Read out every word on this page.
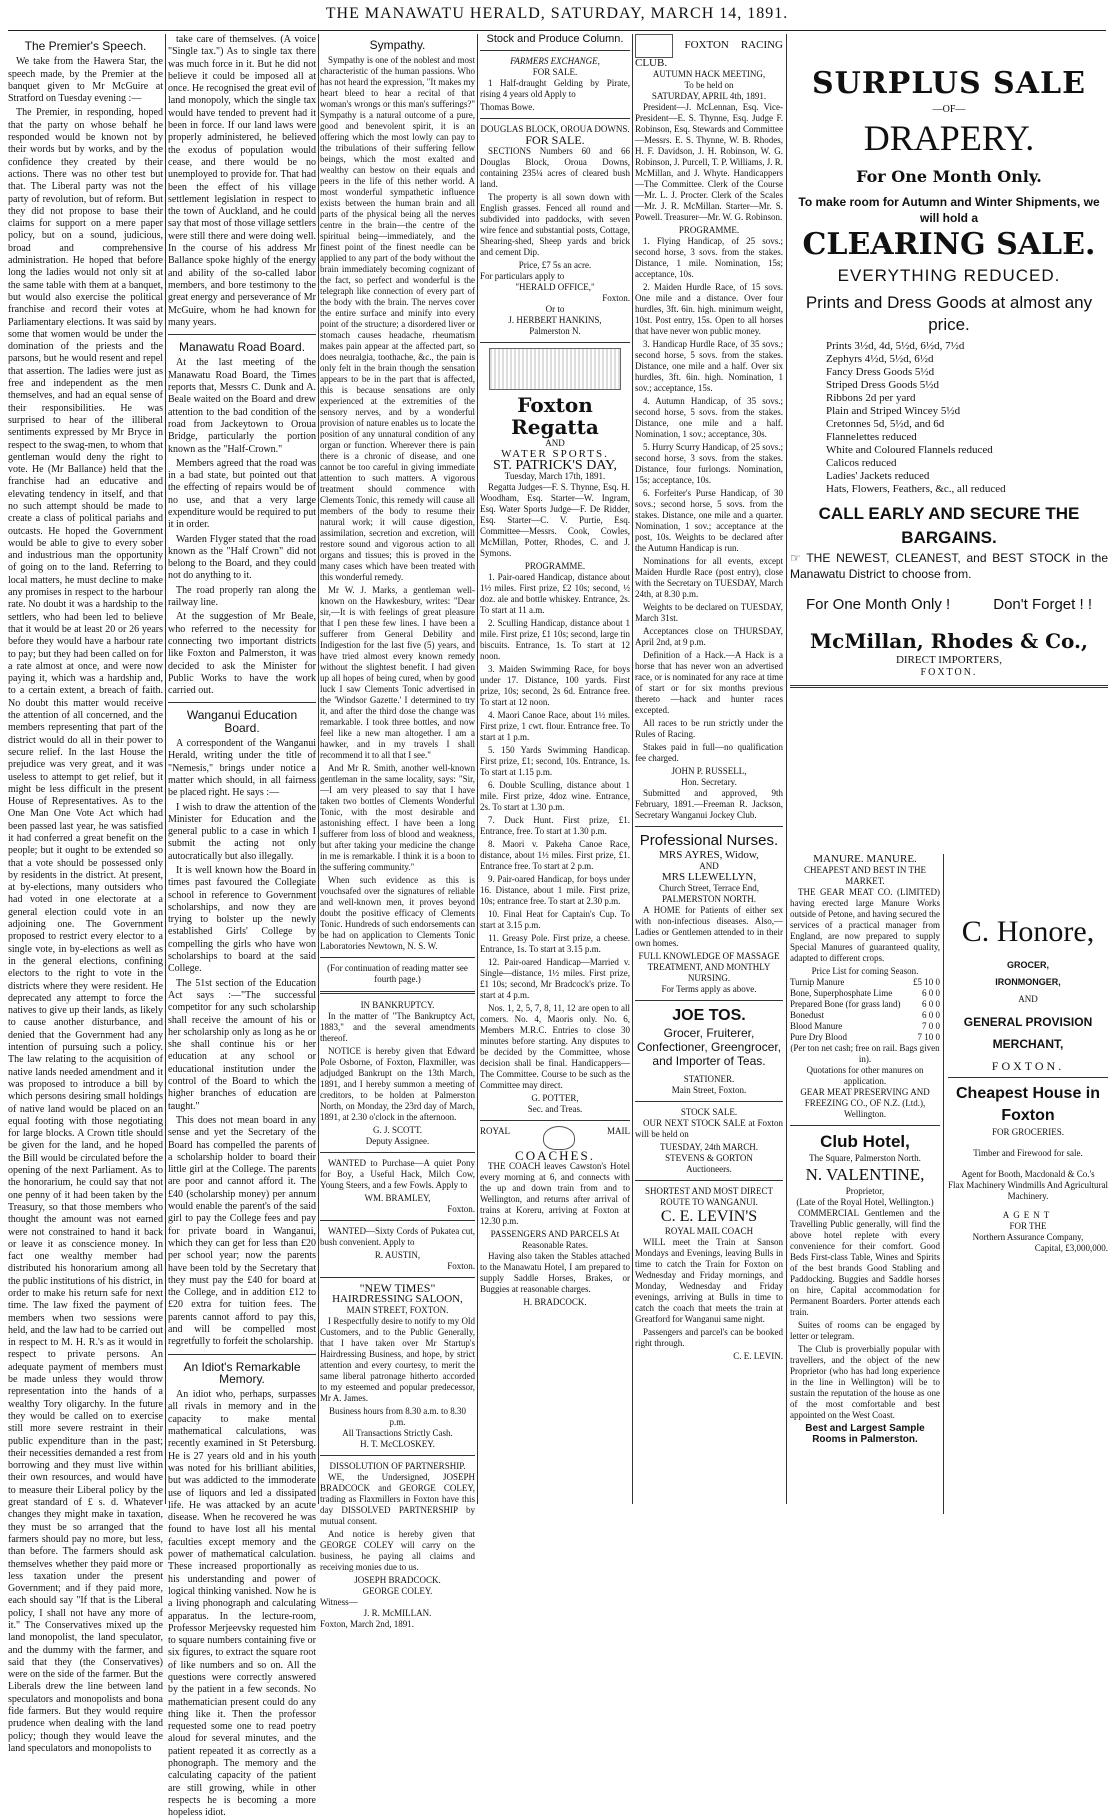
THE MANAWATU HERALD, SATURDAY, MARCH 14, 1891.
The Premier's Speech.

We take from the Hawera Star, the speech made, by the Premier at the banquet given to Mr McGuire at Stratford on Tuesday evening :—

The Premier, in responding, hoped that the party on whose behalf he responded would be known not by their words but by works, and by the confidence they created by their actions. There was no other test but that. The Liberal party was not the party of revolution, but of reform. But they did not propose to base their claims for support on a mere paper policy, but on a sound, judicious, broad and comprehensive administration. He hoped that before long the ladies would not only sit at the same table with them at a banquet, but would also exercise the political franchise and record their votes at Parliamentary elections. It was said by some that women would be under the domination of the priests and the parsons, but he would resent and repel that assertion. The ladies were just as free and independent as the men themselves, and had an equal sense of their responsibilities. He was surprised to hear of the illiberal sentiments expressed by Mr Bryce in respect to the swag-men, to whom that gentleman would deny the right to vote. He (Mr Ballance) held that the franchise had an educative and elevating tendency in itself, and that no such attempt should be made to create a class of political pariahs and outcasts. He hoped the Government would be able to give to every sober and industrious man the opportunity of going on to the land. Referring to local matters, he must decline to make any promises in respect to the harbour rate. No doubt it was a hardship to the settlers, who had been led to believe that it would be at least 20 or 26 years before they would have a harbour rate to pay; but they had been called on for a rate almost at once, and were now paying it, which was a hardship and, to a certain extent, a breach of faith. No doubt this matter would receive the attention of all concerned, and the members representing that part of the district would do all in their power to secure relief. In the last House the prejudice was very great, and it was useless to attempt to get relief, but it might be less difficult in the present House of Representatives. As to the One Man One Vote Act which had been passed last year, he was satisfied it had conferred a great benefit on the people; but it ought to be extended so that a vote should be possessed only by residents in the district. At present, at by-elections, many outsiders who had voted in one electorate at a general election could vote in an adjoining one. The Government proposed to restrict every elector to a single vote, in by-elections as well as in the general elections, confining electors to the right to vote in the districts where they were resident. He deprecated any attempt to force the natives to give up their lands, as likely to cause another disturbance, and denied that the Government had any intention of pursuing such a policy. The law relating to the acquisition of native lands needed amendment and it was proposed to introduce a bill by which persons desiring small holdings of native land would be placed on an equal footing with those negotiating for large blocks. A Crown title should be given for the land, and he hoped the Bill would be circulated before the opening of the next Parliament. As to the honorarium, he could say that not one penny of it had been taken by the Treasury, so that those members who thought the amount was not earned were not constrained to hand it back or leave it as conscience money. In fact one wealthy member had distributed his honorarium among all the public institutions of his district, in order to make his return safe for next time. The law fixed the payment of members when two sessions were held, and the law had to be carried out in respect to M. H. R.'s as it would in respect to private persons. An adequate payment of members must be made unless they would throw representation into the hands of a wealthy Tory oligarchy. In the future they would be called on to exercise still more severe restraint in their public expenditure than in the past; their necessities demanded a rest from borrowing and they must live within their own resources, and would have to measure their Liberal policy by the great standard of £ s. d. Whatever changes they might make in taxation, they must be so arranged that the farmers should pay no more, but less, than before. The farmers should ask themselves whether they paid more or less taxation under the present Government; and if they paid more, each should say "If that is the Liberal policy, I shall not have any more of it." The Conservatives mixed up the land monopolist, the land speculator, and the dummy with the farmer, and said that they (the Conservatives) were on the side of the farmer. But the Liberals drew the line between land speculators and monopolists and bona fide farmers. But they would require prudence when dealing with the land policy; though they would leave the land speculators and monopolists to

take care of themselves. (A voice "Single tax.") As to single tax there was much force in it. But he did not believe it could be imposed all at once. He recognised the great evil of land monopoly, which the single tax would have tended to prevent had it been in force. If our land laws were properly administered, he believed the exodus of population would cease, and there would be no unemployed to provide for. That had been the effect of his village settlement legislation in respect to the town of Auckland, and he could say that most of those village settlers were still there and were doing well. In the course of his address Mr Ballance spoke highly of the energy and ability of the so-called labor members, and bore testimony to the great energy and perseverance of Mr McGuire, whom he had known for many years.

Manawatu Road Board.

At the last meeting of the Manawatu Road Board, the Times reports that, Messrs C. Dunk and A. Beale waited on the Board and drew attention to the bad condition of the road from Jackeytown to Oroua Bridge, particularly the portion known as the "Half-Crown."

Members agreed that the road was in a bad state, but pointed out that the effecting of repairs would be of no use, and that a very large expenditure would be required to put it in order.

Warden Flyger stated that the road known as the "Half Crown" did not belong to the Board, and they could not do anything to it.

The road properly ran along the railway line.

At the suggestion of Mr Beale, who referred to the necessity for connecting two important districts like Foxton and Palmerston, it was decided to ask the Minister for Public Works to have the work carried out.

Wanganui Education Board.

A correspondent of the Wanganui Herald, writing under the title of "Nemesis," brings under notice a matter which should, in all fairness be placed right. He says :—

I wish to draw the attention of the Minister for Education and the general public to a case in which I submit the acting not only autocratically but also illegally.

It is well known how the Board in times past favoured the Collegiate school in reference to Government scholarships, and now they are trying to bolster up the newly established Girls' College by compelling the girls who have won scholarships to board at the said College.

The 51st section of the Education Act says :—"The successful competitor for any such scholarship shall receive the amount of his or her scholarship only as long as he or she shall continue his or her education at any school or educational institution under the control of the Board to which the higher branches of education are taught."

This does not mean board in any sense and yet the Secretary of the Board has compelled the parents of a scholarship holder to board their little girl at the College. The parents are poor and cannot afford it. The £40 (scholarship money) per annum would enable the parent's of the said girl to pay the College fees and pay for private board in Wanganui, which they can get for less than £20 per school year; now the parents have been told by the Secretary that they must pay the £40 for board at the College, and in addition £12 to £20 extra for tuition fees. The parents cannot afford to pay this, and will be compelled most regretfully to forfeit the scholarship.

An Idiot's Remarkable Memory.

An idiot who, perhaps, surpasses all rivals in memory and in the capacity to make mental mathematical calculations, was recently examined in St Petersburg. He is 27 years old and in his youth was noted for his brilliant abilities, but was addicted to the immoderate use of liquors and led a dissipated life. He was attacked by an acute disease. When he recovered he was found to have lost all his mental faculties except memory and the power of mathematical calculation. These increased proportionally as his understanding and power of logical thinking vanished. Now he is a living phonograph and calculating apparatus. In the lecture-room, Professor Merjeevsky requested him to square numbers containing five or six figures, to extract the square root of like numbers and so on. All the questions were correctly answered by the patient in a few seconds. No mathematician present could do any thing like it. Then the professor requested some one to read poetry aloud for several minutes, and the patient repeated it as correctly as a phonograph. The memory and the calculating capacity of the patient are still growing, while in other respects he is becoming a more hopeless idiot.

Sympathy.

Sympathy is one of the noblest and most characteristic of the human passions. Who has not heard the expression, "It makes my heart bleed to hear a recital of that woman's wrongs or this man's sufferings?" Sympathy is a natural outcome of a pure, good and benevolent spirit, it is an offering which the most lowly can pay to the tribulations of their suffering fellow beings, which the most exalted and wealthy can bestow on their equals and peers in the life of this nether world. A most wonderful sympathetic influence exists between the human brain and all parts of the physical being all the nerves centre in the brain—the centre of the spiritual being—immediately, and the finest point of the finest needle can be applied to any part of the body without the brain immediately becoming cognizant of the fact, so perfect and wonderful is the telegraph like connection of every part of the body with the brain. The nerves cover the entire surface and minify into every point of the structure; a disordered liver or stomach causes headache, rheumatism makes pain appear at the affected part, so does neuralgia, toothache, &c., the pain is only felt in the brain though the sensation appears to be in the part that is affected, this is because sensations are only experienced at the extremities of the sensory nerves, and by a wonderful provision of nature enables us to locate the position of any unnatural condition of any organ or function. Wherever there is pain there is a chronic of disease, and one cannot be too careful in giving immediate attention to such matters. A vigorous treatment should commence with Clements Tonic, this remedy will cause all members of the body to resume their natural work; it will cause digestion, assimilation, secretion and excretion, will restore sound and vigorous action to all organs and tissues; this is proved in the many cases which have been treated with this wonderful remedy.

Mr W. J. Marks, a gentleman well-known on the Hawkesbury, writes: "Dear sir,—It is with feelings of great pleasure that I pen these few lines. I have been a sufferer from General Debility and Indigestion for the last five (5) years, and have tried almost every known remedy without the slightest benefit. I had given up all hopes of being cured, when by good luck I saw Clements Tonic advertised in the 'Windsor Gazette.' I determined to try it, and after the third dose the change was remarkable. I took three bottles, and now feel like a new man altogether. I am a hawker, and in my travels I shall recommend it to all that I see."

And Mr R. Smith, another well-known gentleman in the same locality, says: "Sir,—I am very pleased to say that I have taken two bottles of Clements Wonderful Tonic, with the most desirable and astonishing effect. I have been a long sufferer from loss of blood and weakness, but after taking your medicine the change in me is remarkable. I think it is a boon to the suffering community."

When such evidence as this is vouchsafed over the signatures of reliable and well-known men, it proves beyond doubt the positive efficacy of Clements Tonic. Hundreds of such endorsements can be had on application to Clements Tonic Laboratories Newtown, N. S. W.

(For continuation of reading matter see fourth page.)
IN BANKRUPTCY.

In the matter of "The Bankruptcy Act, 1883," and the several amendments thereof.

NOTICE is hereby given that Edward Pole Osborne, of Foxton, Flaxmiller, was adjudged Bankrupt on the 13th March, 1891, and I hereby summon a meeting of creditors, to be holden at Palmerston North, on Monday, the 23rd day of March, 1891, at 2.30 o'clock in the afternoon.

G. J. SCOTT.
Deputy Assignee.

WANTED to Purchase—A quiet Pony for Boy, a Useful Hack, Milch Cow, Young Steers, and a few Fowls. Apply to

WM. BRAMLEY,
Foxton.

WANTED—Sixty Cords of Pukatea cut, bush convenient. Apply to

R. AUSTIN,
Foxton.
"NEW TIMES"
HAIRDRESSING SALOON,
MAIN STREET, FOXTON.

I Respectfully desire to notify to my Old Customers, and to the Public Generally, that I have taken over Mr Startup's Hairdressing Business, and hope, by strict attention and every courtesy, to merit the same liberal patronage hitherto accorded to my esteemed and popular predecessor, Mr A. James.

Business hours from 8.30 a.m. to 8.30 p.m.
All Transactions Strictly Cash.
H. T. McCLOSKEY.
DISSOLUTION OF PARTNERSHIP.

WE, the Undersigned, JOSEPH BRADCOCK and GEORGE COLEY, trading as Flaxmillers in Foxton have this day DISSOLVED PARTNERSHIP by mutual consent.

And notice is hereby given that GEORGE COLEY will carry on the business, he paying all claims and receiving monies due to us.

JOSEPH BRADCOCK.
GEORGE COLEY.
Witness—
J. R. McMILLAN.
Foxton, March 2nd, 1891.
Stock and Produce Column.
FARMERS EXCHANGE,
FOR SALE.

1 Half-draught Gelding by Pirate, rising 4 years old Apply to

Thomas Bowe.
DOUGLAS BLOCK, OROUA DOWNS.
FOR SALE.

SECTIONS Numbers 60 and 66 Douglas Block, Oroua Downs, containing 235¼ acres of cleared bush land.

The property is all sown down with English grasses. Fenced all round and subdivided into paddocks, with seven wire fence and substantial posts, Cottage, Shearing-shed, Sheep yards and brick and cement Dip.

Price, £7 5s an acre.
For particulars apply to
"HERALD OFFICE,"
Foxton.
Or to
J. HERBERT HANKINS,
Palmerston N.
Foxton Regatta
AND
WATER SPORTS.
ST. PATRICK'S DAY,
Tuesday, March 17th, 1891.

Regatta Judges—F. S. Thynne, Esq. H. Woodham, Esq. Starter—W. Ingram, Esq. Water Sports Judge—F. De Ridder, Esq. Starter—C. V. Purtie, Esq. Committee—Messrs. Cook, Cowles, McMillan, Potter, Rhodes, C. and J. Symons.

PROGRAMME.

1. Pair-oared Handicap, distance about 1½ miles. First prize, £2 10s; second, ½ doz. ale and bottle whiskey. Entrance, 2s. To start at 11 a.m.

2. Sculling Handicap, distance about 1 mile. First prize, £1 10s; second, large tin biscuits. Entrance, 1s. To start at 12 noon.

3. Maiden Swimming Race, for boys under 17. Distance, 100 yards. First prize, 10s; second, 2s 6d. Entrance free. To start at 12 noon.

4. Maori Canoe Race, about 1½ miles. First prize, 1 cwt. flour. Entrance free. To start at 1 p.m.

5. 150 Yards Swimming Handicap. First prize, £1; second, 10s. Entrance, 1s. To start at 1.15 p.m.

6. Double Sculling, distance about 1 mile. First prize, 4doz wine. Entrance, 2s. To start at 1.30 p.m.

7. Duck Hunt. First prize, £1. Entrance, free. To start at 1.30 p.m.

8. Maori v. Pakeha Canoe Race, distance, about 1½ miles. First prize, £1. Entrance free. To start at 2 p.m.

9. Pair-oared Handicap, for boys under 16. Distance, about 1 mile. First prize, 10s; entrance free. To start at 2.30 p.m.

10. Final Heat for Captain's Cup. To start at 3.15 p.m.

11. Greasy Pole. First prize, a cheese. Entrance, 1s. To start at 3.15 p.m.

12. Pair-oared Handicap—Married v. Single—distance, 1½ miles. First prize, £1 10s; second, Mr Bradcock's prize. To start at 4 p.m.

Nos. 1, 2, 5, 7, 8, 11, 12 are open to all comers. No. 4, Maoris only. No. 6, Members M.R.C. Entries to close 30 minutes before starting. Any disputes to be decided by the Committee, whose decision shall be final. Handicappers—The Committee. Course to be such as the Committee may direct.

G. POTTER,
Sec. and Treas.
ROYAL	MAIL
COACHES.

THE COACH leaves Cawston's Hotel every morning at 6, and connects with the up and down train from and to Wellington, and returns after arrival of trains at Koreru, arriving at Foxton at 12.30 p.m.

PASSENGERS AND PARCELS At Reasonable Rates.

Having also taken the Stables attached to the Manawatu Hotel, I am prepared to supply Saddle Horses, Brakes, or Buggies at reasonable charges.

H. BRADCOCK.
FOXTON RACING CLUB.
AUTUMN HACK MEETING,
To be held on
SATURDAY, APRIL 4th, 1891.

President—J. McLennan, Esq. Vice-President—E. S. Thynne, Esq. Judge F. Robinson, Esq. Stewards and Committee—Messrs. E. S. Thynne, W. B. Rhodes, H. F. Davidson, J. H. Robinson, W. G. Robinson, J. Purcell, T. P. Williams, J. R. McMillan, and J. Whyte. Handicappers—The Committee. Clerk of the Course—Mr. L. J. Procter. Clerk of the Scales—Mr. J. R. McMillan. Starter—Mr. S. Powell. Treasurer—Mr. W. G. Robinson.

PROGRAMME.

1. Flying Handicap, of 25 sovs.; second horse, 3 sovs. from the stakes. Distance, 1 mile. Nomination, 15s; acceptance, 10s.

2. Maiden Hurdle Race, of 15 sovs. One mile and a distance. Over four hurdles, 3ft. 6in. high. minimum weight, 10st. Post entry, 15s. Open to all horses that have never won public money.

3. Handicap Hurdle Race, of 35 sovs.; second horse, 5 sovs. from the stakes. Distance, one mile and a half. Over six hurdles, 3ft. 6in. high. Nomination, 1 sov.; acceptance, 15s.

4. Autumn Handicap, of 35 sovs.; second horse, 5 sovs. from the stakes. Distance, one mile and a half. Nomination, 1 sov.; acceptance, 30s.

5. Hurry Scurry Handicap, of 25 sovs.; second horse, 3 sovs. from the stakes. Distance, four furlongs. Nomination, 15s; acceptance, 10s.

6. Forfeiter's Purse Handicap, of 30 sovs.; second horse, 5 sovs. from the stakes. Distance, one mile and a quarter. Nomination, 1 sov.; acceptance at the post, 10s. Weights to be declared after the Autumn Handicap is run.

Nominations for all events, except Maiden Hurdle Race (post entry), close with the Secretary on TUESDAY, March 24th, at 8.30 p.m.

Weights to be declared on TUESDAY, March 31st.

Acceptances close on THURSDAY, April 2nd, at 9 p.m.

Definition of a Hack.—A Hack is a horse that has never won an advertised race, or is nominated for any race at time of start or for six months previous thereto —hack and hunter races excepted.

All races to be run strictly under the Rules of Racing.

Stakes paid in full—no qualification fee charged.

JOHN P. RUSSELL,
Hon. Secretary.

Submitted and approved, 9th February, 1891.—Freeman R. Jackson, Secretary Wanganui Jockey Club.

Professional Nurses.
MRS AYRES, Widow,
AND
MRS LLEWELLYN,
Church Street, Terrace End, PALMERSTON NORTH.

A HOME for Patients of either sex with non-infectious diseases. Also,—Ladies or Gentlemen attended to in their own homes.

FULL KNOWLEDGE OF MASSAGE TREATMENT, AND MONTHLY NURSING.
For Terms apply as above.
JOE TOS.
Grocer, Fruiterer, Confectioner, Greengrocer, and Importer of Teas.
STATIONER.
Main Street, Foxton.
STOCK SALE.

OUR NEXT STOCK SALE at Foxton will be held on

TUESDAY, 24th MARCH.
STEVENS & GORTON
Auctioneers.
SHORTEST AND MOST DIRECT ROUTE TO WANGANUI.
C. E. LEVIN'S
ROYAL MAIL COACH

WILL meet the Train at Sanson Mondays and Evenings, leaving Bulls in time to catch the Train for Foxton on Wednesday and Friday mornings, and Monday, Wednesday and Friday evenings, arriving at Bulls in time to catch the coach that meets the train at Greatford for Wanganui same night.

Passengers and parcel's can be booked right through.

C. E. LEVIN.
SURPLUS SALE
—OF—
DRAPERY.
For One Month Only.
To make room for Autumn and Winter Shipments, we will hold a
CLEARING SALE.
EVERYTHING REDUCED.
Prints and Dress Goods at almost any price.
Prints 3½d, 4d, 5½d, 6½d, 7½d
Zephyrs 4½d, 5½d, 6½d
Fancy Dress Goods 5½d
Striped Dress Goods 5½d
Ribbons 2d per yard
Plain and Striped Wincey 5½d
Cretonnes 5d, 5½d, and 6d
Flannelettes reduced
White and Coloured Flannels reduced
Calicos reduced
Ladies' Jackets reduced
Hats, Flowers, Feathers, &c., all reduced
CALL EARLY AND SECURE THE BARGAINS.
☞ THE NEWEST, CLEANEST, and BEST STOCK in the Manawatu District to choose from.
For One Month Only !	Don't Forget ! !
McMillan, Rhodes & Co.,
DIRECT IMPORTERS,
FOXTON.
MANURE. MANURE.
CHEAPEST AND BEST IN THE MARKET.

THE GEAR MEAT CO. (LIMITED) having erected large Manure Works outside of Petone, and having secured the services of a practical manager from England, are now prepared to supply Special Manures of guaranteed quality, adapted to different crops.

Price List for coming Season.
Turnip Manure	£5 10 0
Bone, Superphosphate Lime	6 0 0
Prepared Bone (for grass land) 6 0 0
Bonedust	6 0 0
Blood Manure	7 0 0
Pure Dry Blood	7 10 0
(Per ton net cash; free on rail. Bags given in).
Quotations for other manures on application.
GEAR MEAT PRESERVING AND FREEZING CO., OF N.Z. (Ltd.), Wellington.
Club Hotel,
The Square, Palmerston North.
N. VALENTINE,
Proprietor,
(Late of the Royal Hotel, Wellington.)

COMMERCIAL Gentlemen and the Travelling Public generally, will find the above hotel replete with every convenience for their comfort. Good Beds First-class Table, Wines and Spirits of the best brands Good Stabling and Paddocking. Buggies and Saddle horses on hire, Capital accommodation for Permanent Boarders. Porter attends each train.

Suites of rooms can be engaged by letter or telegram.

The Club is proverbially popular with travellers, and the object of the new Proprietor (who has had long experience in the line in Wellington) will be to sustain the reputation of the house as one of the most comfortable and best appointed on the West Coast.

Best and Largest Sample Rooms in Palmerston.
C. Honore,
GROCER,
IRONMONGER,
AND
GENERAL PROVISION MERCHANT,
FOXTON.
Cheapest House in Foxton
FOR GROCERIES.
Timber and Firewood for sale.
Agent for Booth, Macdonald & Co.'s
Flax Machinery Windmills And Agricultural Machinery.
AGENT
FOR THE
Northern Assurance Company,
Capital, £3,000,000.
